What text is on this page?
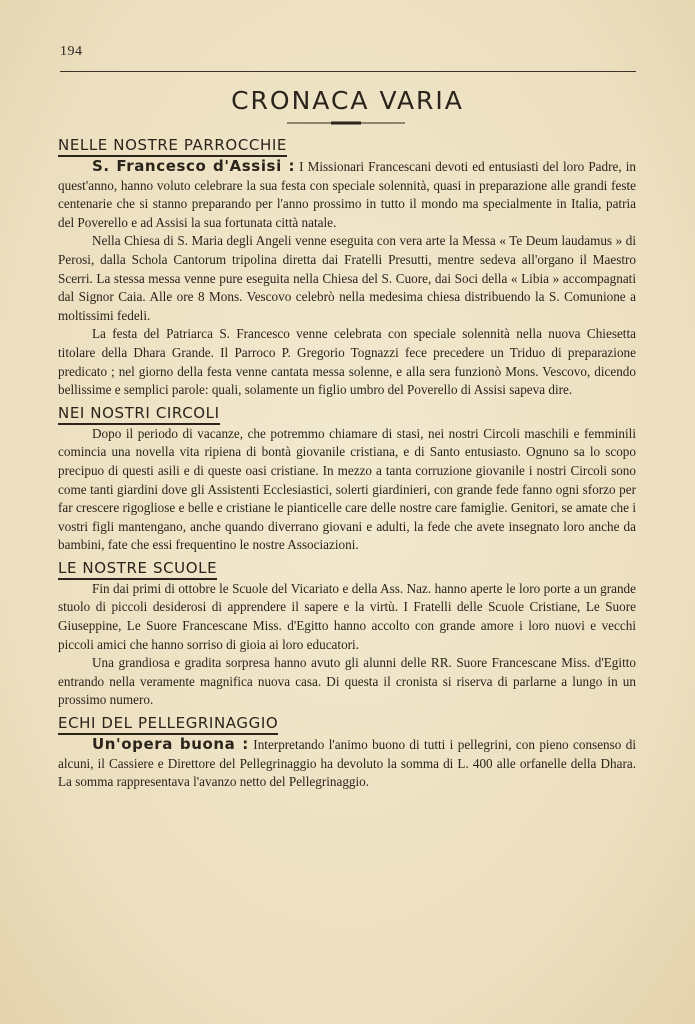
194
CRONACA VARIA
NELLE NOSTRE PARROCCHIE

S. Francesco d'Assisi : I Missionari Francescani devoti ed entusiasti del loro Padre, in quest'anno, hanno voluto celebrare la sua festa con speciale solennità, quasi in preparazione alle grandi feste centenarie che si stanno preparando per l'anno prossimo in tutto il mondo ma specialmente in Italia, patria del Poverello e ad Assisi la sua fortunata città natale.

Nella Chiesa di S. Maria degli Angeli venne eseguita con vera arte la Messa « Te Deum laudamus » di Perosi, dalla Schola Cantorum tripolina diretta dai Fratelli Presutti, mentre sedeva all'organo il Maestro Scerri. La stessa messa venne pure eseguita nella Chiesa del S. Cuore, dai Soci della « Libia » accompagnati dal Signor Caia. Alle ore 8 Mons. Vescovo celebrò nella medesima chiesa distribuendo la S. Comunione a moltissimi fedeli.

La festa del Patriarca S. Francesco venne celebrata con speciale solennità nella nuova Chiesetta titolare della Dhara Grande. Il Parroco P. Gregorio Tognazzi fece precedere un Triduo di preparazione predicato ; nel giorno della festa venne cantata messa solenne, e alla sera funzionò Mons. Vescovo, dicendo bellissime e semplici parole: quali, solamente un figlio umbro del Poverello di Assisi sapeva dire.

NEI NOSTRI CIRCOLI

Dopo il periodo di vacanze, che potremmo chiamare di stasi, nei nostri Circoli maschili e femminili comincia una novella vita ripiena di bontà giovanile cristiana, e di Santo entusiasto. Ognuno sa lo scopo precipuo di questi asili e di queste oasi cristiane. In mezzo a tanta corruzione giovanile i nostri Circoli sono come tanti giardini dove gli Assistenti Ecclesiastici, solerti giardinieri, con grande fede fanno ogni sforzo per far crescere rigogliose e belle e cristiane le pianticelle care delle nostre care famiglie. Genitori, se amate che i vostri figli mantengano, anche quando diverrano giovani e adulti, la fede che avete insegnato loro anche da bambini, fate che essi frequentino le nostre Associazioni.

LE NOSTRE SCUOLE

Fin dai primi di ottobre le Scuole del Vicariato e della Ass. Naz. hanno aperte le loro porte a un grande stuolo di piccoli desiderosi di apprendere il sapere e la virtù. I Fratelli delle Scuole Cristiane, Le Suore Giuseppine, Le Suore Francescane Miss. d'Egitto hanno accolto con grande amore i loro nuovi e vecchi piccoli amici che hanno sorriso di gioia ai loro educatori.

Una grandiosa e gradita sorpresa hanno avuto gli alunni delle RR. Suore Francescane Miss. d'Egitto entrando nella veramente magnifica nuova casa. Di questa il cronista si riserva di parlarne a lungo in un prossimo numero.

ECHI DEL PELLEGRINAGGIO

Un'opera buona : Interpretando l'animo buono di tutti i pellegrini, con pieno consenso di alcuni, il Cassiere e Direttore del Pellegrinaggio ha devoluto la somma di L. 400 alle orfanelle della Dhara. La somma rappresentava l'avanzo netto del Pellegrinaggio.
